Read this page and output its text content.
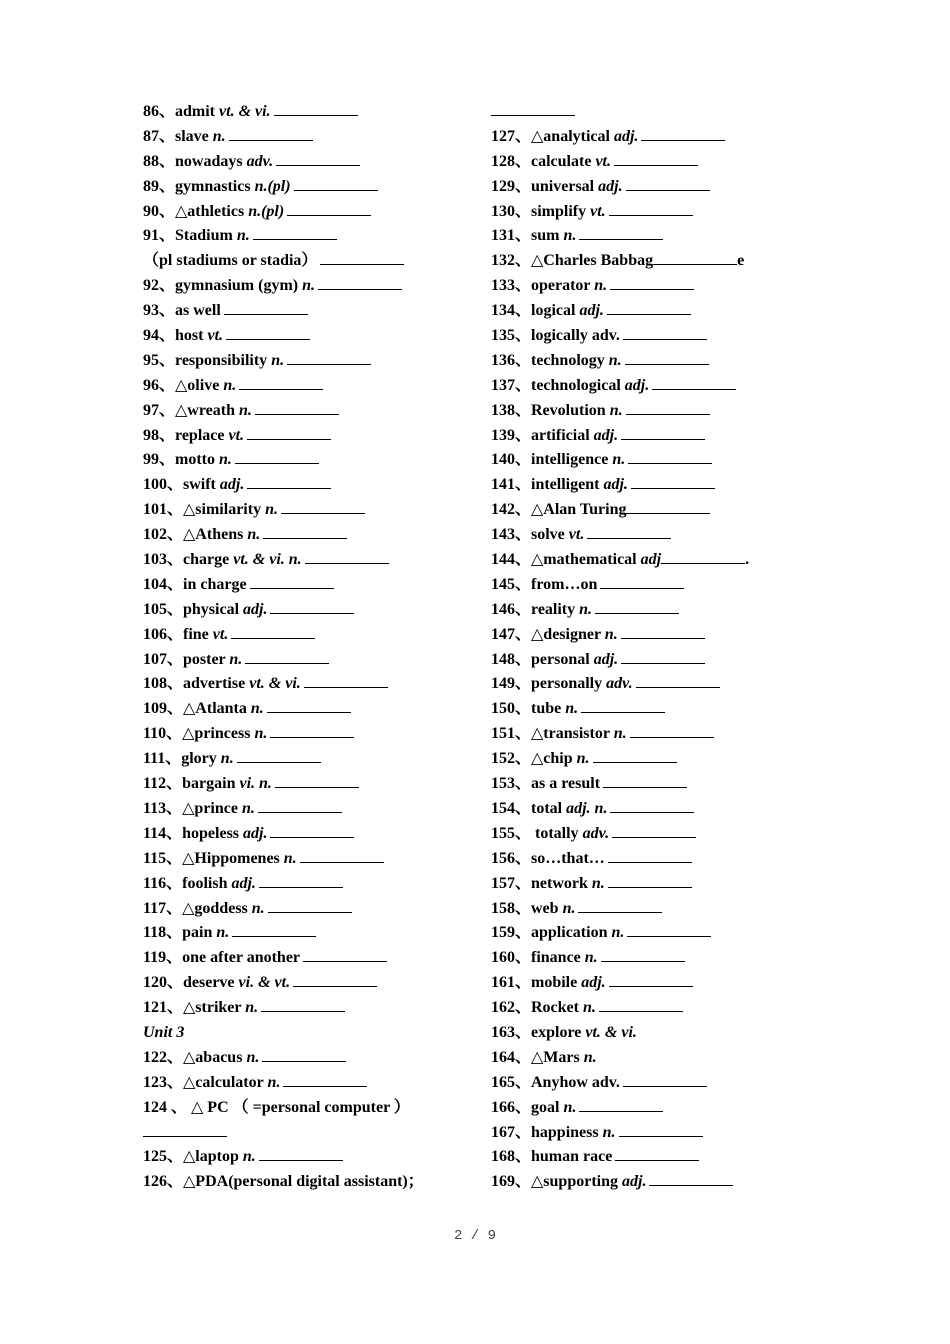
86、admit vt. & vi.
87、slave n.
88、nowadays adv.
89、gymnastics n.(pl)
90、△athletics n.(pl)
91、Stadium n.
（pl stadiums or stadia）
92、gymnasium (gym) n.
93、as well
94、host vt.
95、responsibility n.
96、△olive n.
97、△wreath n.
98、replace vt.
99、motto n.
100、swift adj.
101、△similarity n.
102、△Athens n.
103、charge vt. & vi. n.
104、in charge
105、physical adj.
106、fine vt.
107、poster n.
108、advertise vt. & vi.
109、△Atlanta n.
110、△princess n.
111、glory n.
112、bargain vi. n.
113、△prince n.
114、hopeless adj.
115、△Hippomenes n.
116、foolish adj.
117、△goddess n.
118、pain n.
119、one after another
120、deserve vi. & vt.
121、△striker n.
Unit 3
122、△abacus n.
123、△calculator n.
124 、 △ PC （ =personal computer ）
125、△laptop n.
126、△PDA(personal digital assistant)；
127、△analytical adj.
128、calculate vt.
129、universal adj.
130、simplify vt.
131、sum n.
132、△Charles Babbag	e
133、operator n.
134、logical adj.
135、logically adv.
136、technology n.
137、technological adj.
138、Revolution n.
139、artificial adj.
140、intelligence n.
141、intelligent adj.
142、△Alan Turing
143、solve vt.
144、△mathematical adj	.
145、from…on
146、reality n.
147、△designer n.
148、personal adj.
149、personally adv.
150、tube n.
151、△transistor n.
152、△chip n.
153、as a result
154、total adj. n.
155、 totally adv.
156、so…that…
157、network n.
158、web n.
159、application n.
160、finance n.
161、mobile adj.
162、Rocket n.
163、explore vt. & vi.
164、△Mars n.
165、Anyhow adv.
166、goal n.
167、happiness n.
168、human race
169、△supporting adj.
2 / 9
